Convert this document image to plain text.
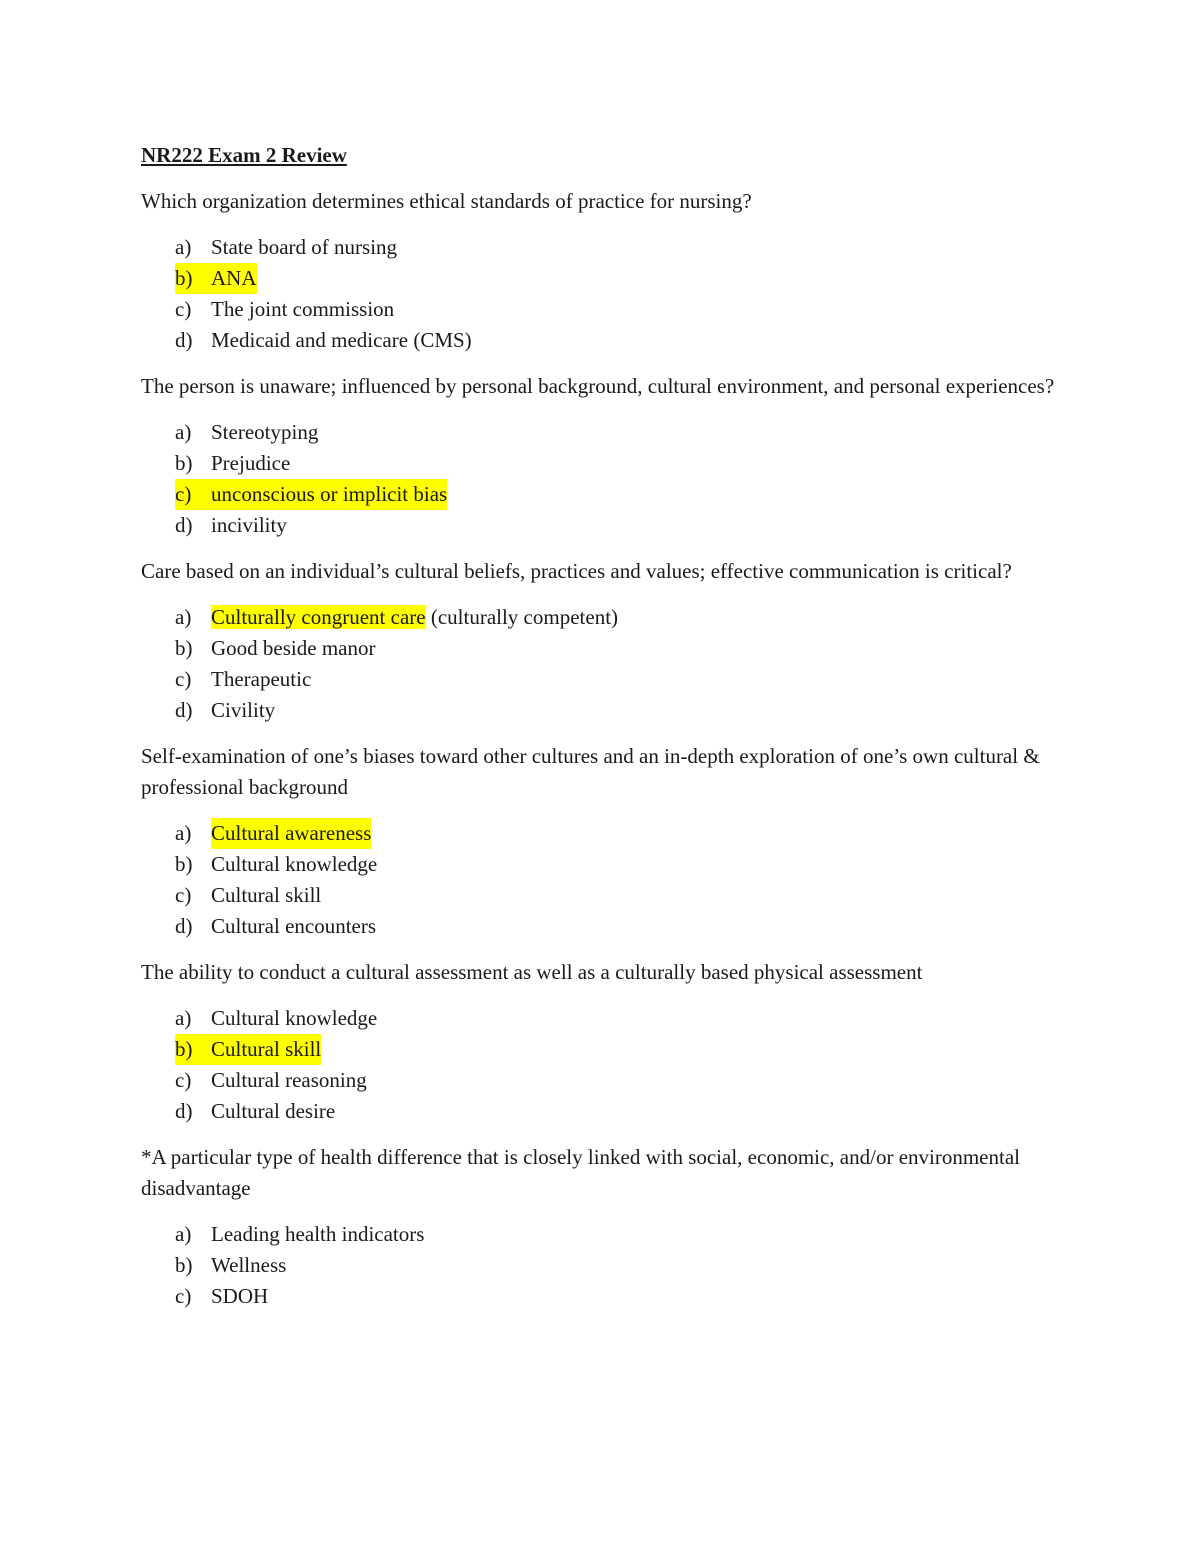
NR222 Exam 2 Review

Which organization determines ethical standards of practice for nursing?

a) State board of nursing
b) ANA
c) The joint commission
d) Medicaid and medicare (CMS)

The person is unaware; influenced by personal background, cultural environment, and personal experiences?

a) Stereotyping
b) Prejudice
c) unconscious or implicit bias
d) incivility

Care based on an individual’s cultural beliefs, practices and values; effective communication is critical?

a) Culturally congruent care (culturally competent)
b) Good beside manor
c) Therapeutic
d) Civility

Self-examination of one’s biases toward other cultures and an in-depth exploration of one’s own cultural & professional background

a) Cultural awareness
b) Cultural knowledge
c) Cultural skill
d) Cultural encounters

The ability to conduct a cultural assessment as well as a culturally based physical assessment

a) Cultural knowledge
b) Cultural skill
c) Cultural reasoning
d) Cultural desire

*A particular type of health difference that is closely linked with social, economic, and/or environmental disadvantage

a) Leading health indicators
b) Wellness
c) SDOH
